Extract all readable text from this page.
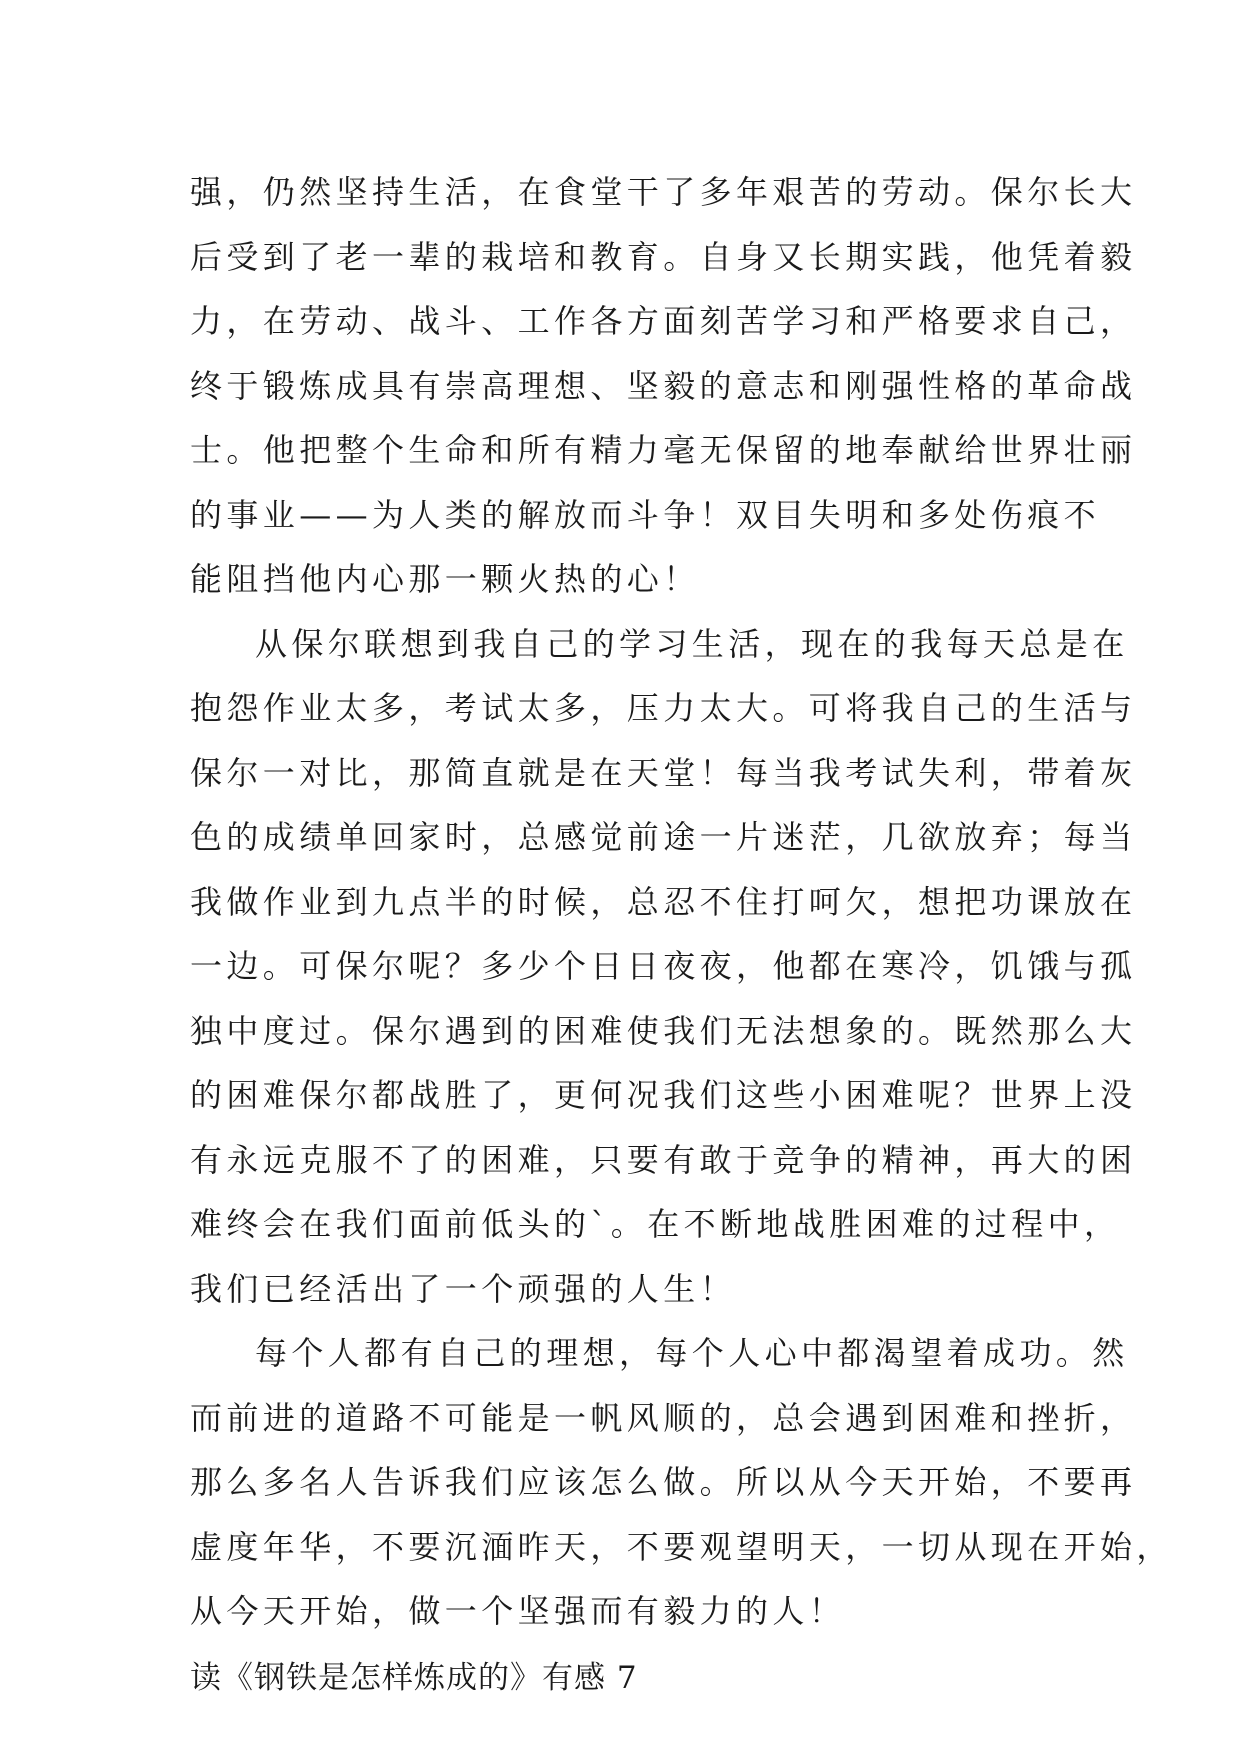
强，仍然坚持生活，在食堂干了多年艰苦的劳动。保尔长大
后受到了老一辈的栽培和教育。自身又长期实践，他凭着毅
力，在劳动、战斗、工作各方面刻苦学习和严格要求自己，
终于锻炼成具有崇高理想、坚毅的意志和刚强性格的革命战
士。他把整个生命和所有精力毫无保留的地奉献给世界壮丽
的事业——为人类的解放而斗争！双目失明和多处伤痕不
能阻挡他内心那一颗火热的心！
从保尔联想到我自己的学习生活，现在的我每天总是在
抱怨作业太多，考试太多，压力太大。可将我自己的生活与
保尔一对比，那简直就是在天堂！每当我考试失利，带着灰
色的成绩单回家时，总感觉前途一片迷茫，几欲放弃；每当
我做作业到九点半的时候，总忍不住打呵欠，想把功课放在
一边。可保尔呢？多少个日日夜夜，他都在寒冷，饥饿与孤
独中度过。保尔遇到的困难使我们无法想象的。既然那么大
的困难保尔都战胜了，更何况我们这些小困难呢？世界上没
有永远克服不了的困难，只要有敢于竞争的精神，再大的困
难终会在我们面前低头的`。在不断地战胜困难的过程中，
我们已经活出了一个顽强的人生！
每个人都有自己的理想，每个人心中都渴望着成功。然
而前进的道路不可能是一帆风顺的，总会遇到困难和挫折，
那么多名人告诉我们应该怎么做。所以从今天开始，不要再
虚度年华，不要沉湎昨天，不要观望明天，一切从现在开始，
从今天开始，做一个坚强而有毅力的人！
读《钢铁是怎样炼成的》有感 7
